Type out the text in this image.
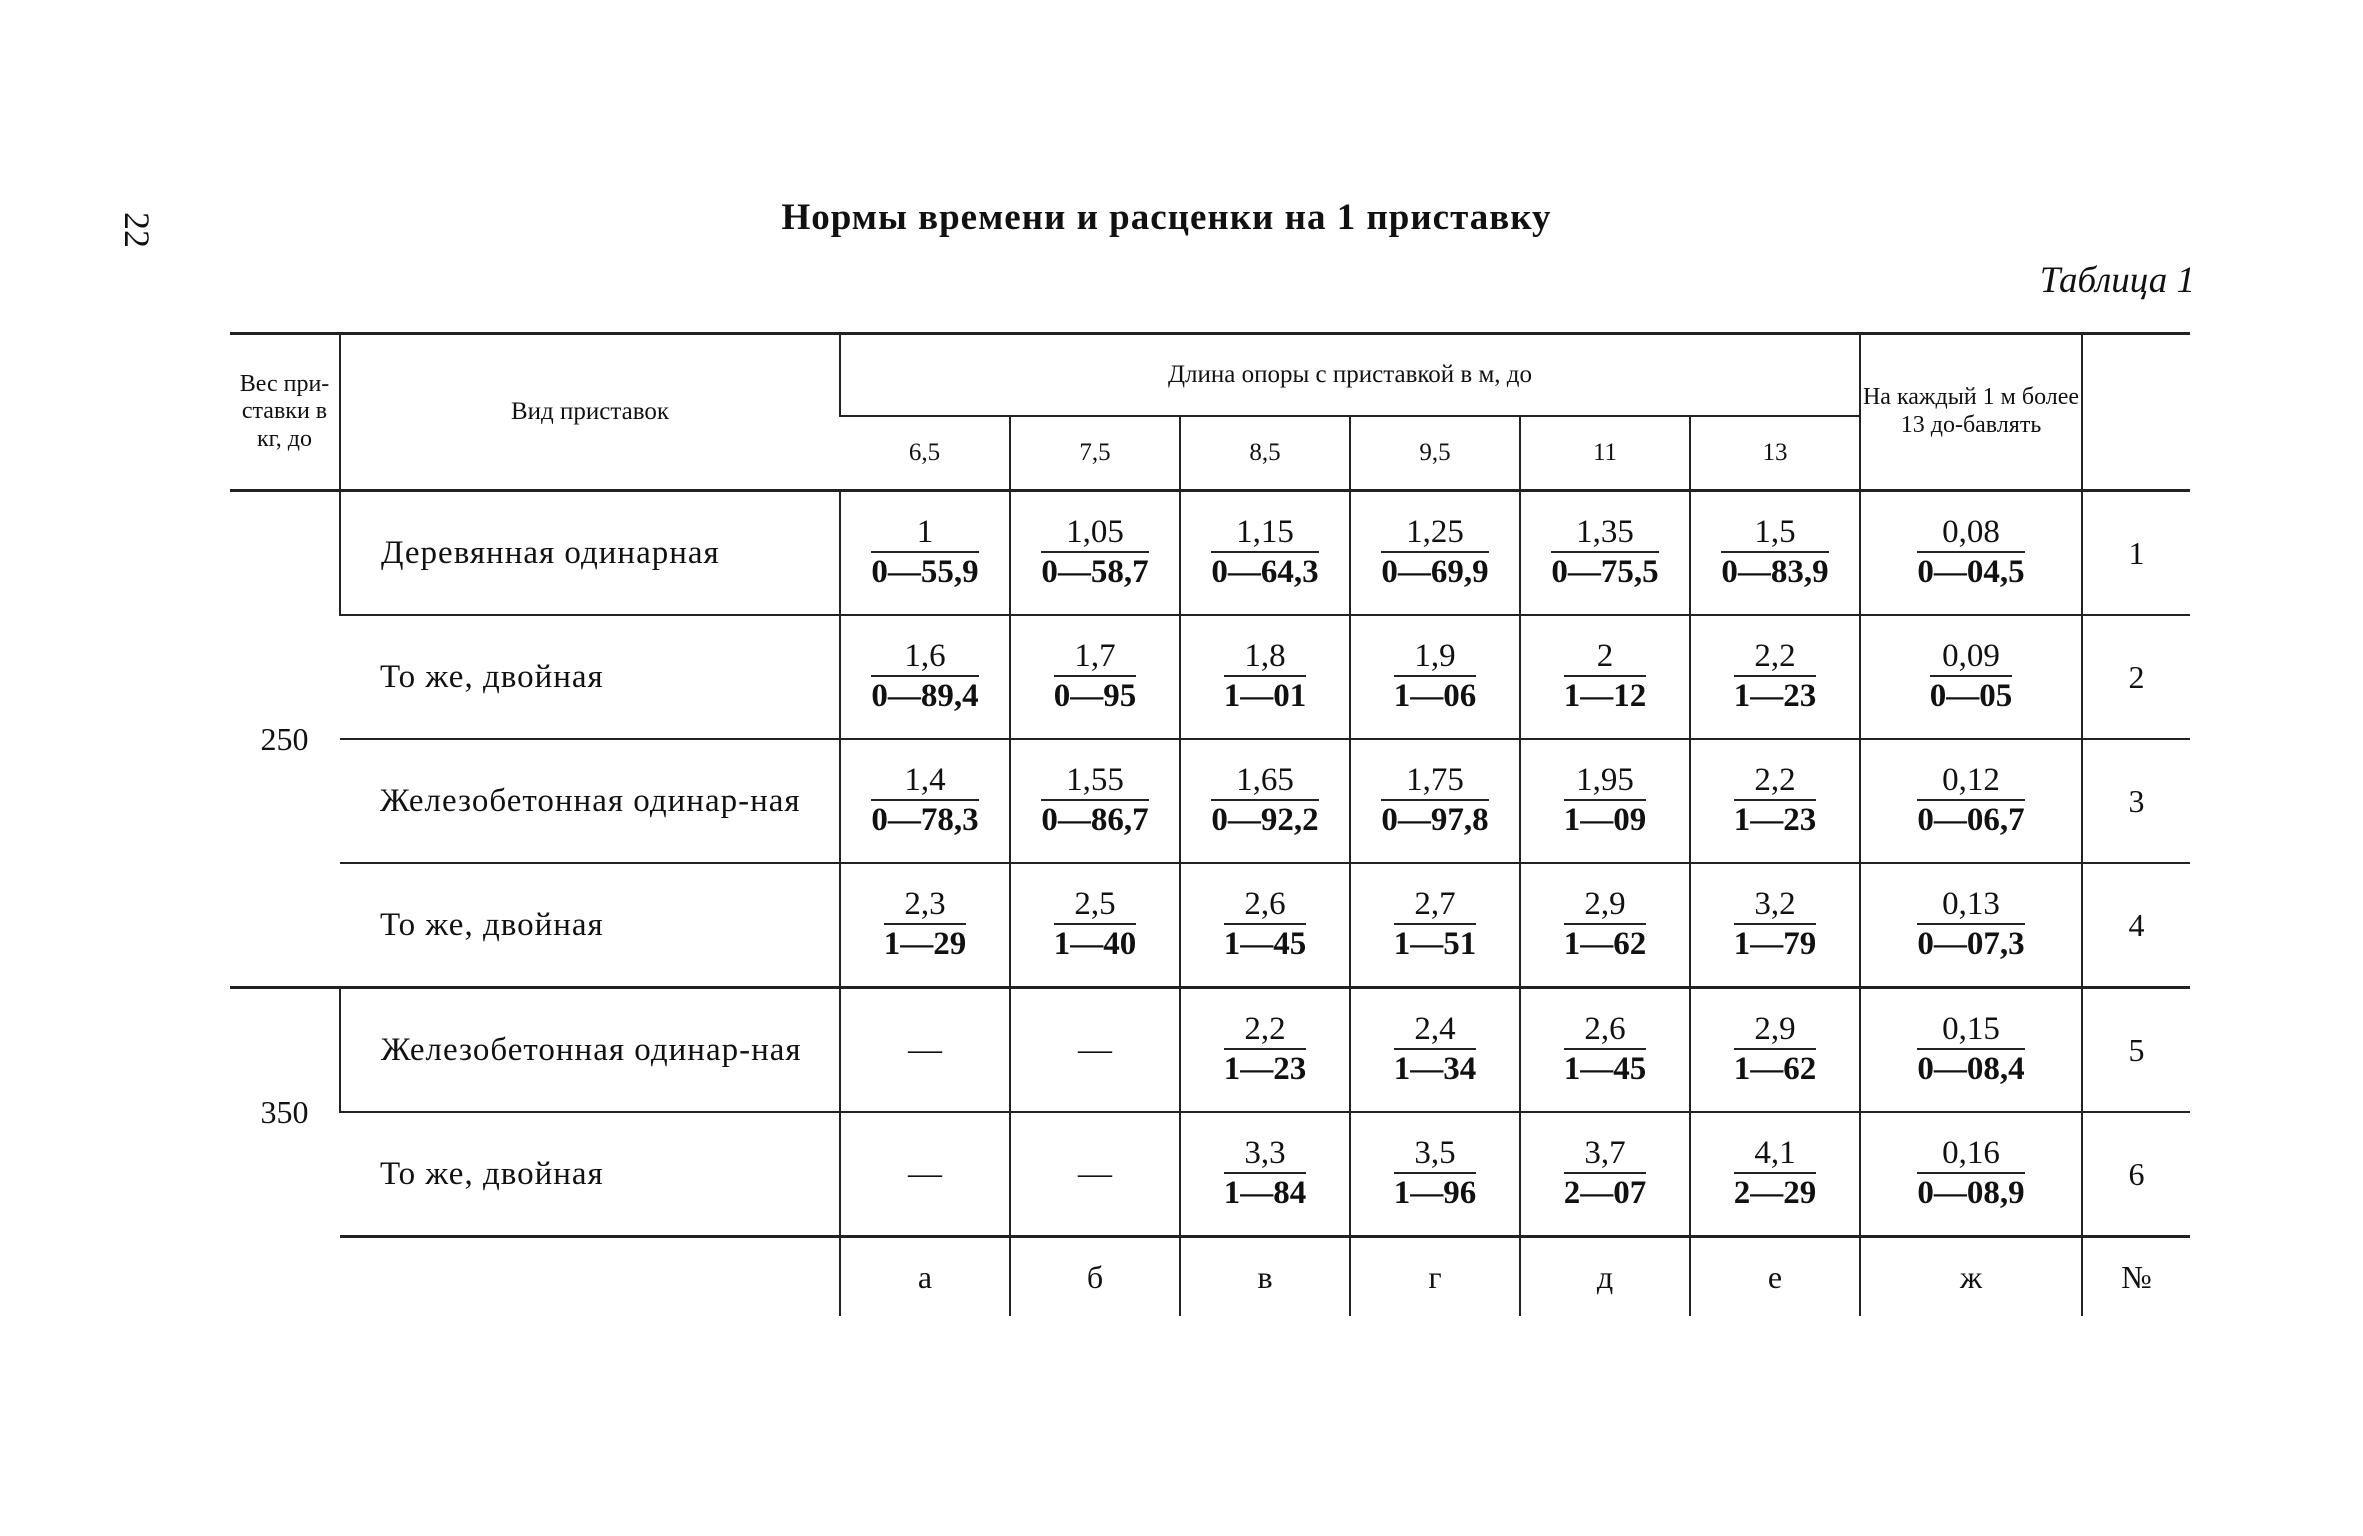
22	Нормы времени и расценки на 1 приставку
Таблица 1
Вес при-ставки в кг, до	Вид приставок	Длина опоры с приставкой в м, до						На каждый 1 м более 13 до-бавлять	
		6,5	7,5	8,5	9,5	11	13		
250	Деревянная одинарная	$\frac{1}{0—55,9}$	$\frac{1,05}{0—58,7}$	$\frac{1,15}{0—64,3}$	$\frac{1,25}{0—69,9}$	$\frac{1,35}{0—75,5}$	$\frac{1,5}{0—83,9}$	$\frac{0,08}{0—04,5}$	1
	То же, двойная	$\frac{1,6}{0—89,4}$	$\frac{1,7}{0—95}$	$\frac{1,8}{1—01}$	$\frac{1,9}{1—06}$	$\frac{2}{1—12}$	$\frac{2,2}{1—23}$	$\frac{0,09}{0—05}$	2
	Железобетонная одинар-ная	$\frac{1,4}{0—78,3}$	$\frac{1,55}{0—86,7}$	$\frac{1,65}{0—92,2}$	$\frac{1,75}{0—97,8}$	$\frac{1,95}{1—09}$	$\frac{2,2}{1—23}$	$\frac{0,12}{0—06,7}$	3
	То же, двойная	$\frac{2,3}{1—29}$	$\frac{2,5}{1—40}$	$\frac{2,6}{1—45}$	$\frac{2,7}{1—51}$	$\frac{2,9}{1—62}$	$\frac{3,2}{1—79}$	$\frac{0,13}{0—07,3}$	4
350	Железобетонная одинар-ная	—	—	$\frac{2,2}{1—23}$	$\frac{2,4}{1—34}$	$\frac{2,6}{1—45}$	$\frac{2,9}{1—62}$	$\frac{0,15}{0—08,4}$	5
	То же, двойная	—	—	$\frac{3,3}{1—84}$	$\frac{3,5}{1—96}$	$\frac{3,7}{2—07}$	$\frac{4,1}{2—29}$	$\frac{0,16}{0—08,9}$	6
		а	б	в	г	д	е	ж	№
